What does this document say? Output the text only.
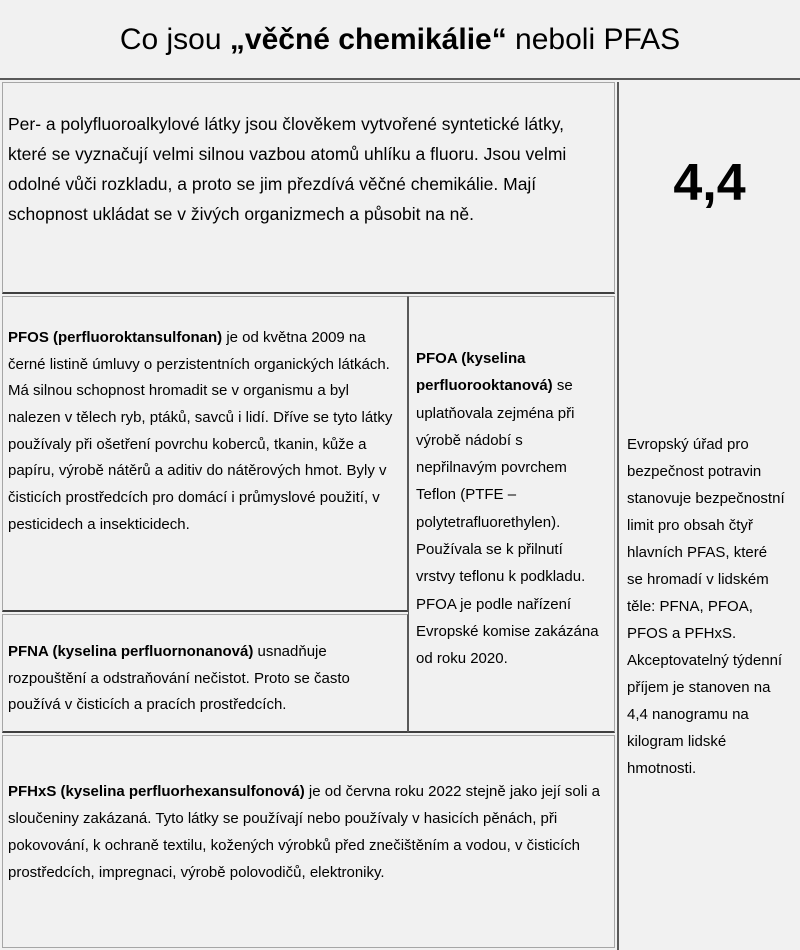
Co jsou „věčné chemikálie“ neboli PFAS

Per- a polyfluoroalkylové látky jsou člověkem vytvořené syntetické látky, které se vyznačují velmi silnou vazbou atomů uhlíku a fluoru. Jsou velmi odolné vůči rozkladu, a proto se jim přezdívá věčné chemikálie. Mají schopnost ukládat se v živých organizmech a působit na ně.

PFOS (perfluoroktansulfonan) je od května 2009 na černé listině úmluvy o perzistentních organických látkách. Má silnou schopnost hromadit se v organismu a byl nalezen v tělech ryb, ptáků, savců i lidí. Dříve se tyto látky používaly při ošetření povrchu koberců, tkanin, kůže a papíru, výrobě nátěrů a aditiv do nátěrových hmot. Byly v čisticích prostředcích pro domácí i průmyslové použití, v pesticidech a insekticidech.

PFNA (kyselina perfluornonanová) usnadňuje rozpouštění a odstraňování nečistot. Proto se často používá v čisticích a pracích prostředcích.

PFOA (kyselina perfluorooktanová) se uplatňovala zejména při výrobě nádobí s nepřilnavým povrchem Teflon (PTFE – polytetrafluorethylen). Používala se k přilnutí vrstvy teflonu k podkladu. PFOA je podle nařízení Evropské komise zakázána od roku 2020.

PFHxS (kyselina perfluorhexansulfonová) je od června roku 2022 stejně jako její soli a sloučeniny zakázaná. Tyto látky se používají nebo používaly v hasicích pěnách, při pokovování, k ochraně textilu, kožených výrobků před znečištěním a vodou, v čisticích prostředcích, impregnaci, výrobě polovodičů, elektroniky.

4,4
Evropský úřad pro bezpečnost potravin stanovuje bezpečnostní limit pro obsah čtyř hlavních PFAS, které se hromadí v lidském těle: PFNA, PFOA, PFOS a PFHxS. Akceptovatelný týdenní příjem je stanoven na 4,4 nanogramu na kilogram lidské hmotnosti.
